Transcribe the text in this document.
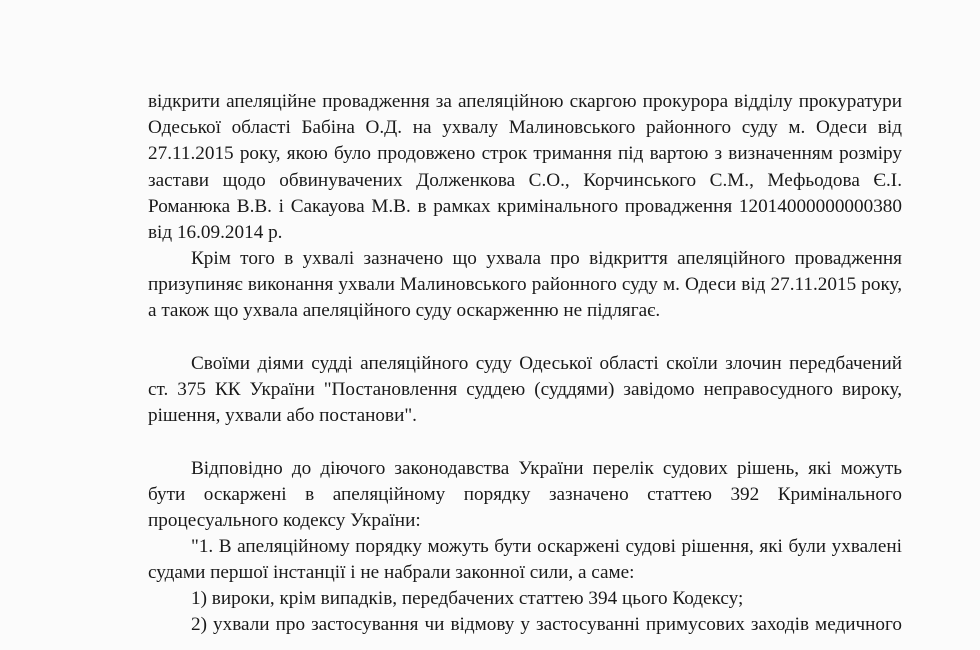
відкрити апеляційне провадження за апеляційною скаргою прокурора відділу прокуратури
Одеської області Бабіна О.Д. на ухвалу Малиновського районного суду м. Одеси від
27.11.2015 року, якою було продовжено строк тримання під вартою з визначенням розміру
застави щодо обвинувачених Долженкова С.О., Корчинського С.М., Мефьодова Є.І.
Романюка В.В. і Сакауова М.В. в рамках кримінального провадження 12014000000000380
від 16.09.2014 р.
Крім того в ухвалі зазначено що ухвала про відкриття апеляційного провадження
призупиняє виконання ухвали Малиновського районного суду м. Одеси від 27.11.2015 року,
а також що ухвала апеляційного суду оскарженню не підлягає.
Своїми діями судді апеляційного суду Одеської області скоїли злочин передбачений
ст. 375 КК України "Постановлення суддею (суддями) завідомо неправосудного вироку,
рішення, ухвали або постанови".
Відповідно до діючого законодавства України перелік судових рішень, які можуть
бути оскаржені в апеляційному порядку зазначено статтею 392 Кримінального
процесуального кодексу України:
"1. В апеляційному порядку можуть бути оскаржені судові рішення, які були ухвалені
судами першої інстанції і не набрали законної сили, а саме:
1) вироки, крім випадків, передбачених статтею 394 цього Кодексу;
2) ухвали про застосування чи відмову у застосуванні примусових заходів медичного
